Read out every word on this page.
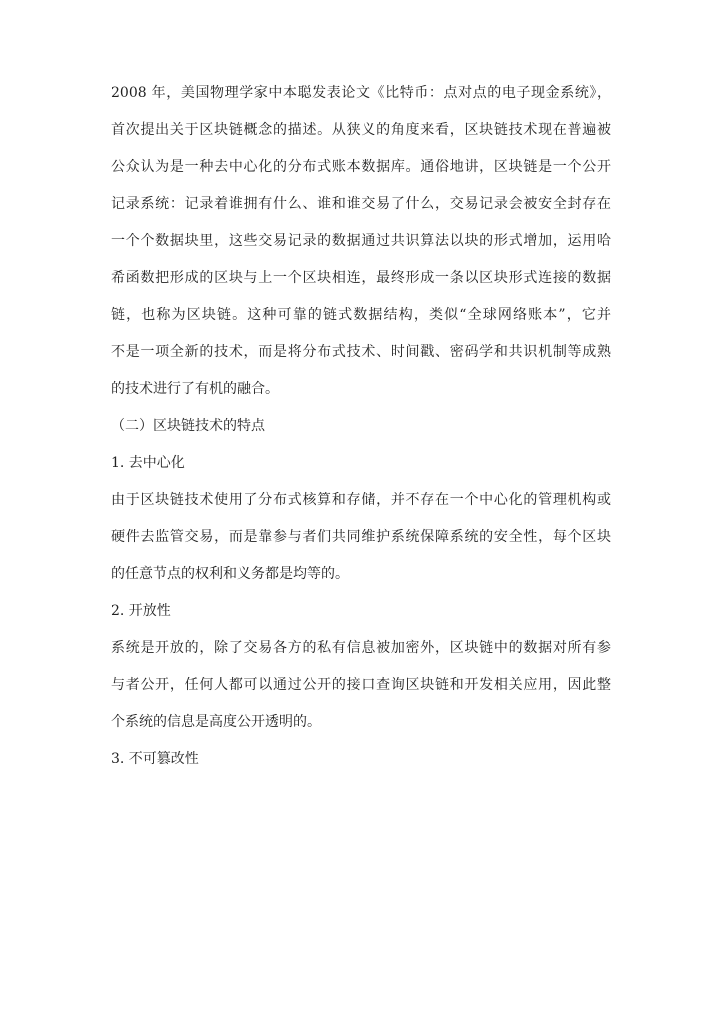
2008 年，美国物理学家中本聪发表论文《比特币：点对点的电子现金系统》，
首次提出关于区块链概念的描述。从狭义的角度来看，区块链技术现在普遍被
公众认为是一种去中心化的分布式账本数据库。通俗地讲，区块链是一个公开
记录系统：记录着谁拥有什么、谁和谁交易了什么，交易记录会被安全封存在
一个个数据块里，这些交易记录的数据通过共识算法以块的形式增加，运用哈
希函数把形成的区块与上一个区块相连，最终形成一条以区块形式连接的数据
链，也称为区块链。这种可靠的链式数据结构，类似“全球网络账本”，它并
不是一项全新的技术，而是将分布式技术、时间戳、密码学和共识机制等成熟
的技术进行了有机的融合。
（二）区块链技术的特点
1. 去中心化
由于区块链技术使用了分布式核算和存储，并不存在一个中心化的管理机构或
硬件去监管交易，而是靠参与者们共同维护系统保障系统的安全性，每个区块
的任意节点的权利和义务都是均等的。
2. 开放性
系统是开放的，除了交易各方的私有信息被加密外，区块链中的数据对所有参
与者公开，任何人都可以通过公开的接口查询区块链和开发相关应用，因此整
个系统的信息是高度公开透明的。
3. 不可篡改性
